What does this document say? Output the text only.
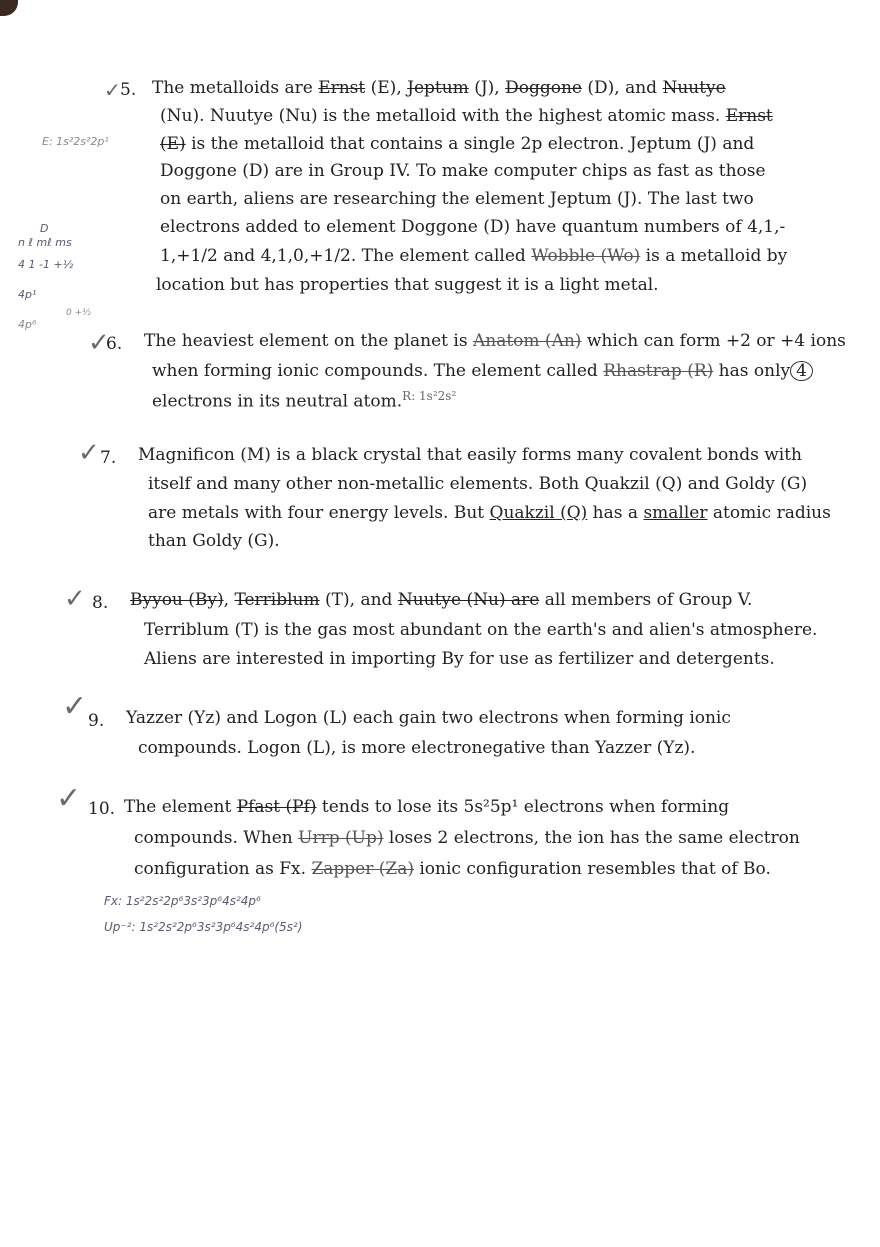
✓ 5. The metalloids are Ernst (E), Jeptum (J), Doggone (D), and Nuutye
(Nu). Nuutye (Nu) is the metalloid with the highest atomic mass. Ernst
(E) is the metalloid that contains a single 2p electron. Jeptum (J) and
Doggone (D) are in Group IV. To make computer chips as fast as those
on earth, aliens are researching the element Jeptum (J). The last two
electrons added to element Doggone (D) have quantum numbers of 4,1,-
1,+1/2 and 4,1,0,+1/2. The element called Wobble (Wo) is a metalloid by
location but has properties that suggest it is a light metal.
E: 1s²2s²2p¹
D
n ℓ mℓ ms
4 1 -1 +½
4p¹
4p⁶
0 +½
✓
6. The heaviest element on the planet is Anatom (An) which can form +2 or +4 ions
when forming ionic compounds. The element called Rhastrap (R) has only 4
electrons in its neutral atom.$^{R: 1s^22s^2}$
✓ 7. Magnificon (M) is a black crystal that easily forms many covalent bonds with
itself and many other non-metallic elements. Both Quakzil (Q) and Goldy (G)
are metals with four energy levels. But Quakzil (Q) has a smaller atomic radius
than Goldy (G).
✓ 8. Byyou (By), Terriblum (T), and Nuutye (Nu) are all members of Group V.
Terriblum (T) is the gas most abundant on the earth's and alien's atmosphere.
Aliens are interested in importing By for use as fertilizer and detergents.
✓ 9. Yazzer (Yz) and Logon (L) each gain two electrons when forming ionic
compounds. Logon (L), is more electronegative than Yazzer (Yz).
✓ 10. The element Pfast (Pf) tends to lose its 5s²5p¹ electrons when forming
compounds. When Urrp (Up) loses 2 electrons, the ion has the same electron
configuration as Fx. Zapper (Za) ionic configuration resembles that of Bo.
Fx: 1s²2s²2p⁶3s²3p⁶4s²4p⁶
Up⁻²: 1s²2s²2p⁶3s²3p⁶4s²4p⁶(5s²)
